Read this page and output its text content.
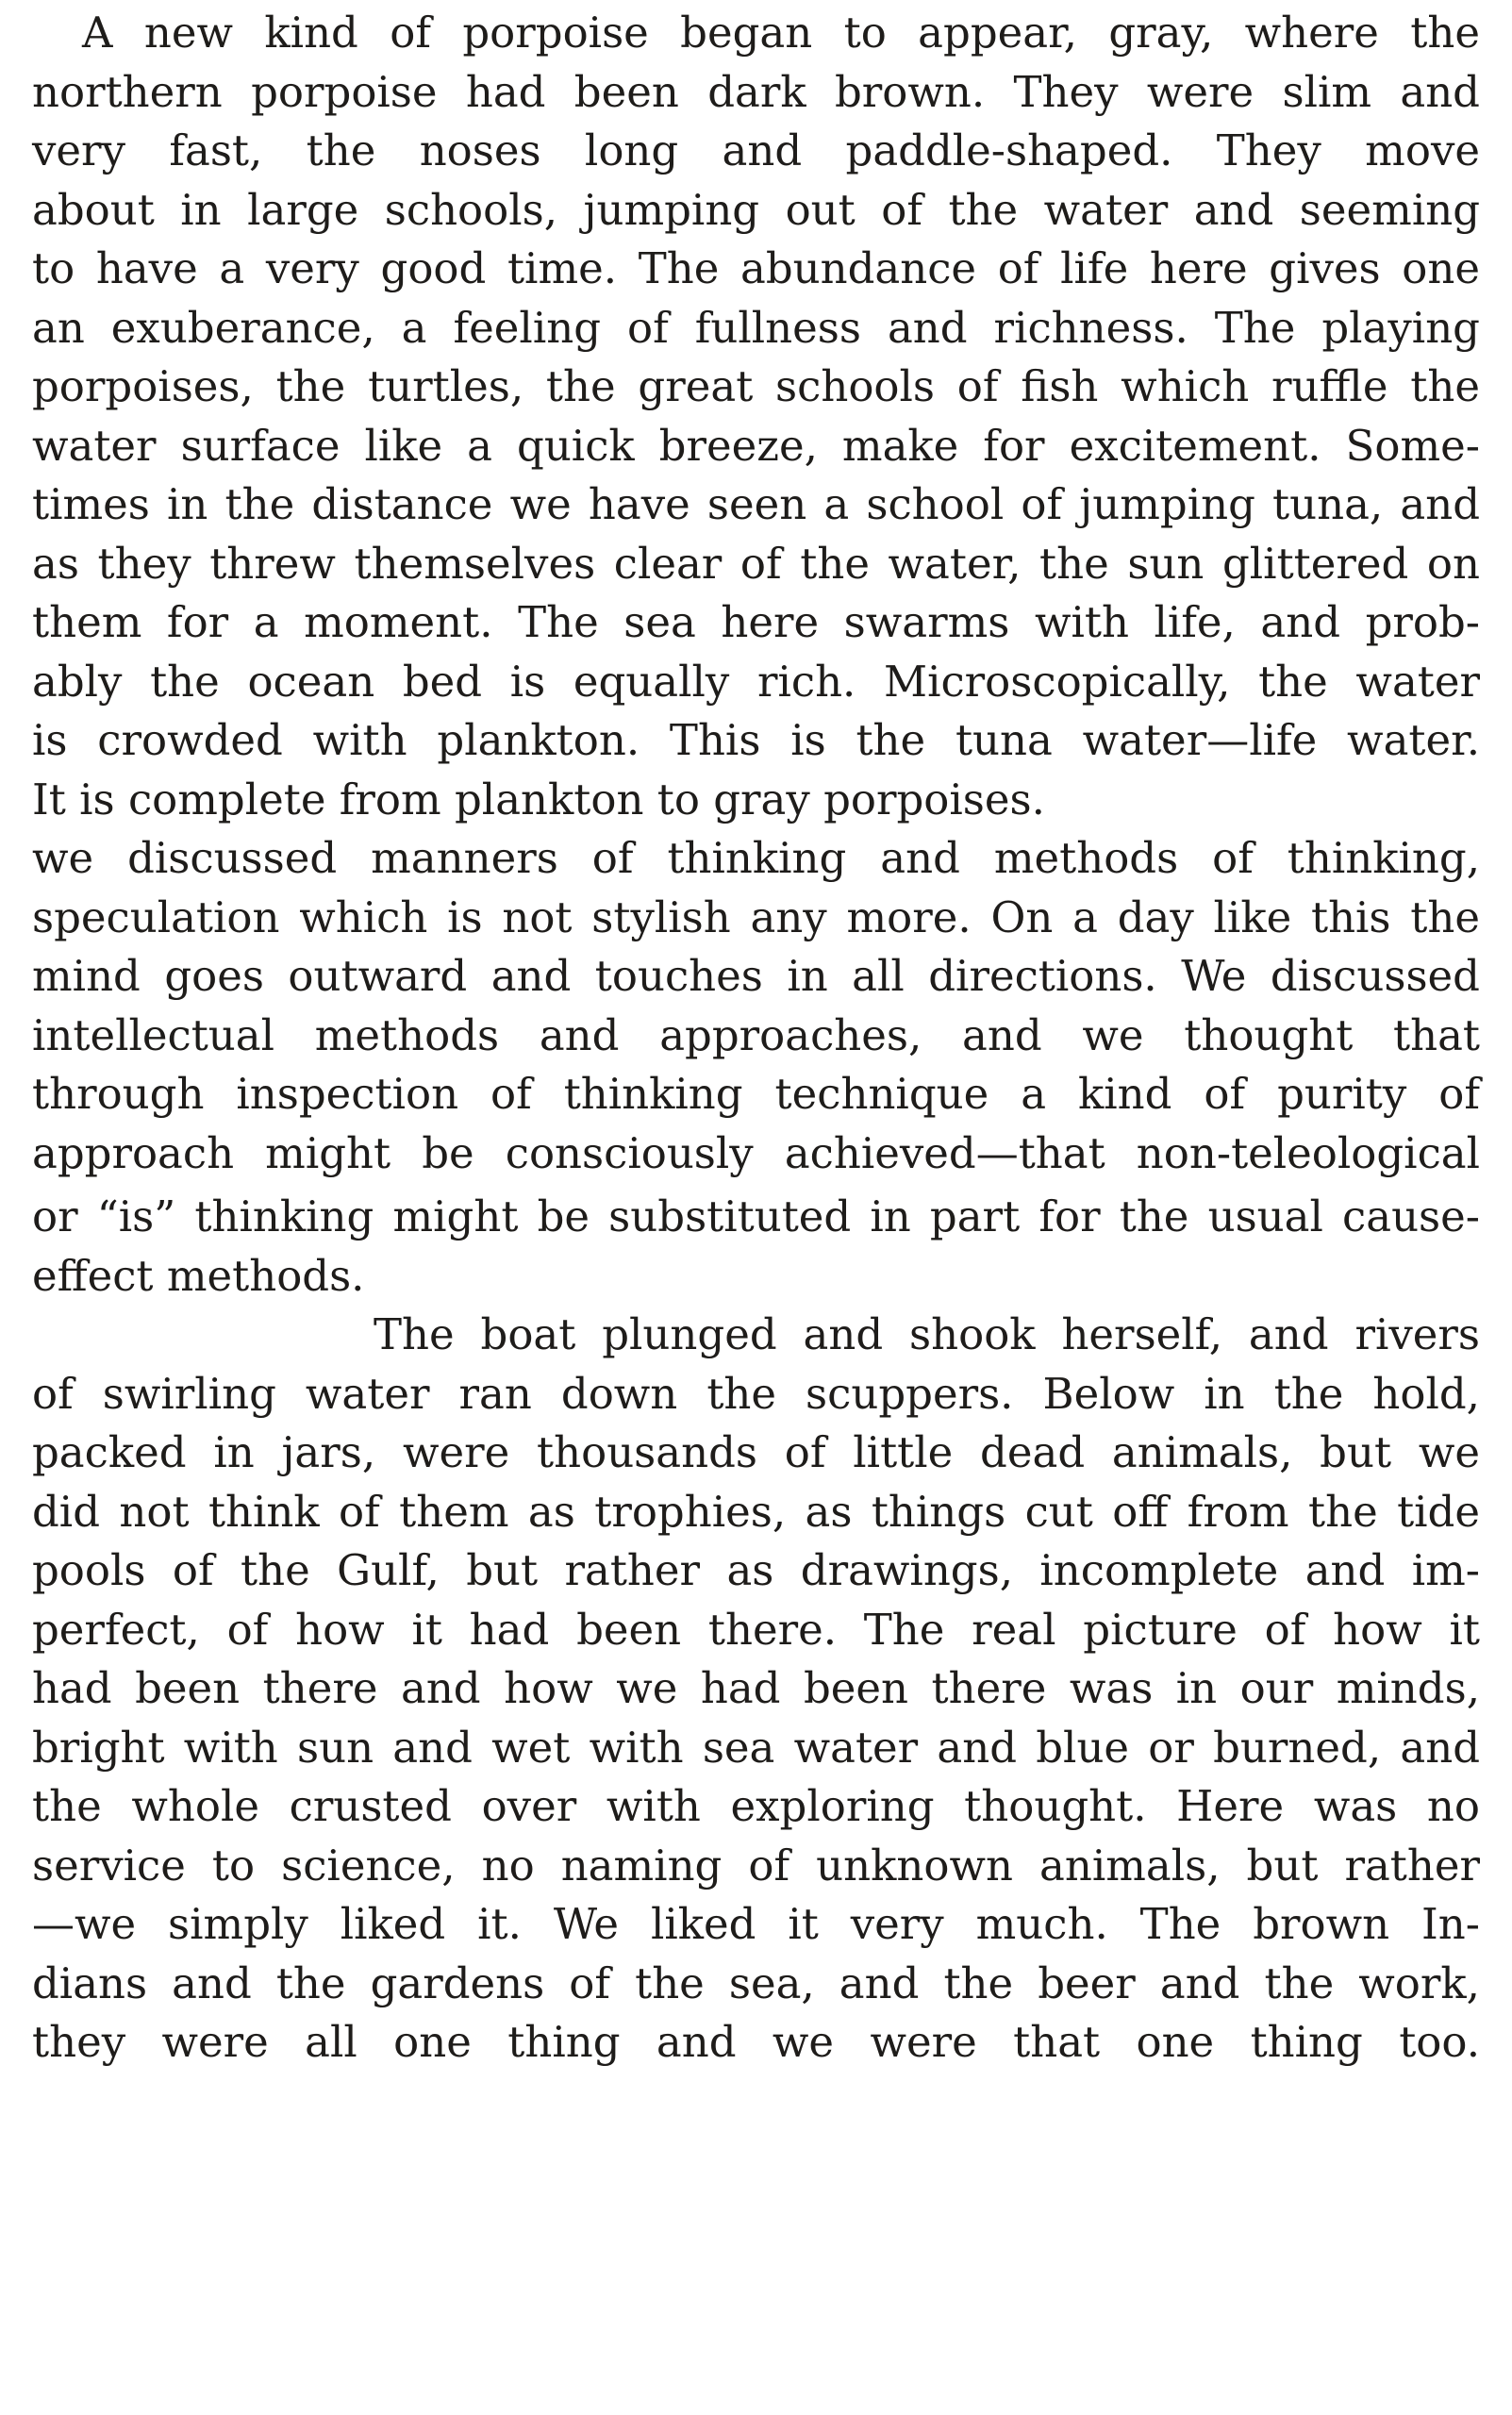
A new kind of porpoise began to appear, gray, where the
northern porpoise had been dark brown. They were slim and
very fast, the noses long and paddle-shaped. They move
about in large schools, jumping out of the water and seeming
to have a very good time. The abundance of life here gives one
an exuberance, a feeling of fullness and richness. The playing
porpoises, the turtles, the great schools of fish which ruffle the
water surface like a quick breeze, make for excitement. Some-
times in the distance we have seen a school of jumping tuna, and
as they threw themselves clear of the water, the sun glittered on
them for a moment. The sea here swarms with life, and prob-
ably the ocean bed is equally rich. Microscopically, the water
is crowded with plankton. This is the tuna water—life water.
It is complete from plankton to gray porpoises.
we discussed manners of thinking and methods of thinking,
speculation which is not stylish any more. On a day like this the
mind goes outward and touches in all directions. We discussed
intellectual methods and approaches, and we thought that
through inspection of thinking technique a kind of purity of
approach might be consciously achieved—that non-teleological
or “is” thinking might be substituted in part for the usual cause-
effect methods.
The boat plunged and shook herself, and rivers
of swirling water ran down the scuppers. Below in the hold,
packed in jars, were thousands of little dead animals, but we
did not think of them as trophies, as things cut off from the tide
pools of the Gulf, but rather as drawings, incomplete and im-
perfect, of how it had been there. The real picture of how it
had been there and how we had been there was in our minds,
bright with sun and wet with sea water and blue or burned, and
the whole crusted over with exploring thought. Here was no
service to science, no naming of unknown animals, but rather
—we simply liked it. We liked it very much. The brown In-
dians and the gardens of the sea, and the beer and the work,
they were all one thing and we were that one thing too.
